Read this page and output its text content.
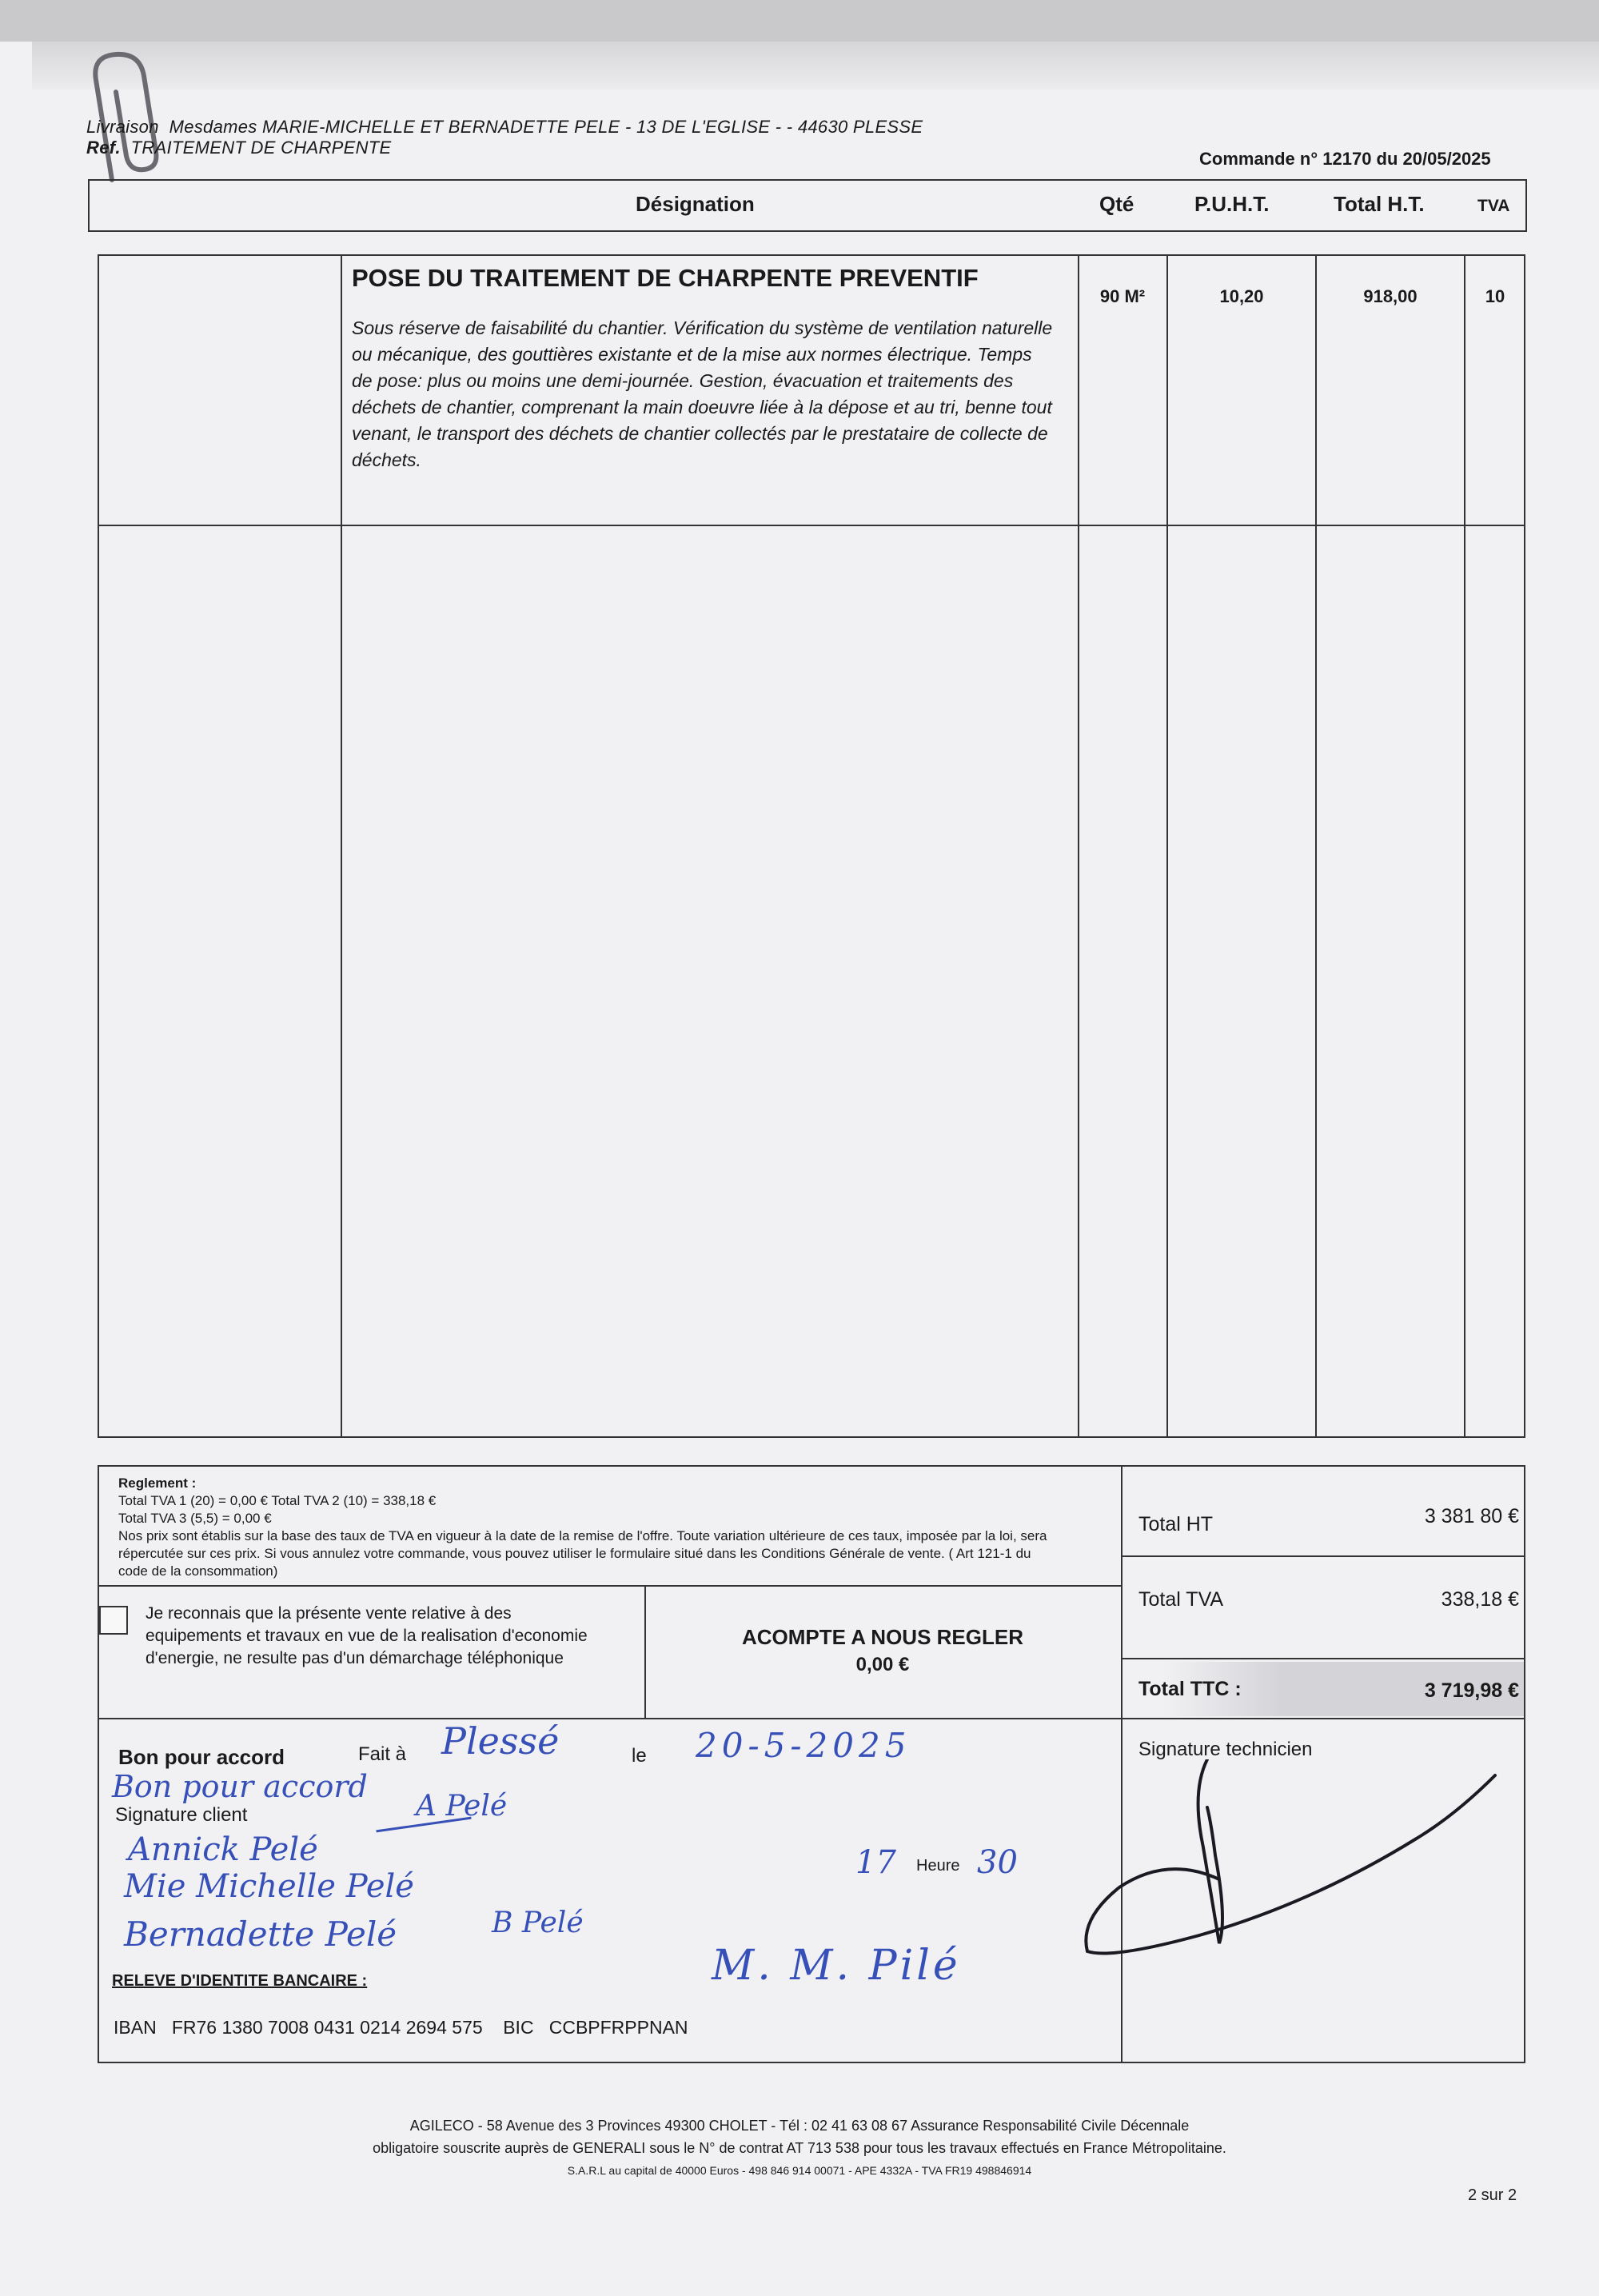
Livraison Mesdames MARIE-MICHELLE ET BERNADETTE PELE - 13 DE L'EGLISE - - 44630 PLESSE
Ref. TRAITEMENT DE CHARPENTE
Commande n° 12170 du 20/05/2025
Désignation	Qté	P.U.H.T.	Total H.T.	TVA
POSE DU TRAITEMENT DE CHARPENTE PREVENTIF
Sous réserve de faisabilité du chantier. Vérification du système de ventilation naturelle ou mécanique, des gouttières existante et de la mise aux normes électrique. Temps de pose: plus ou moins une demi-journée. Gestion, évacuation et traitements des déchets de chantier, comprenant la main doeuvre liée à la dépose et au tri, benne tout venant, le transport des déchets de chantier collectés par le prestataire de collecte de déchets.
90 M²	10,20	918,00	10
Reglement :
Total TVA 1 (20) = 0,00 € Total TVA 2 (10) = 338,18 €
Total TVA 3 (5,5) = 0,00 €
Nos prix sont établis sur la base des taux de TVA en vigueur à la date de la remise de l'offre. Toute variation ultérieure de ces taux, imposée par la loi, sera répercutée sur ces prix. Si vous annulez votre commande, vous pouvez utiliser le formulaire situé dans les Conditions Générale de vente. ( Art 121-1 du code de la consommation)
Je reconnais que la présente vente relative à des equipements et travaux en vue de la realisation d'economie d'energie, ne resulte pas d'un démarchage téléphonique
ACOMPTE A NOUS REGLER
0,00 €
Total HT	3 381 80 €
Total TVA	338,18 €
Total TTC :	3 719,98 €
Bon pour accord	Fait à	le
Signature client
Heure
Signature technicien
Plessé	20-5-2025
Bon pour accord
A Pelé
Annick Pelé
Mie Michelle Pelé
Bernadette Pelé	B Pelé
M. M. Pilé
17	30
RELEVE D'IDENTITE BANCAIRE :
IBAN FR76 1380 7008 0431 0214 2694 575 BIC CCBPFRPPNAN
AGILECO - 58 Avenue des 3 Provinces 49300 CHOLET - Tél : 02 41 63 08 67 Assurance Responsabilité Civile Décennale
obligatoire souscrite auprès de GENERALI sous le N° de contrat AT 713 538 pour tous les travaux effectués en France Métropolitaine.
S.A.R.L au capital de 40000 Euros - 498 846 914 00071 - APE 4332A - TVA FR19 498846914
2 sur 2
